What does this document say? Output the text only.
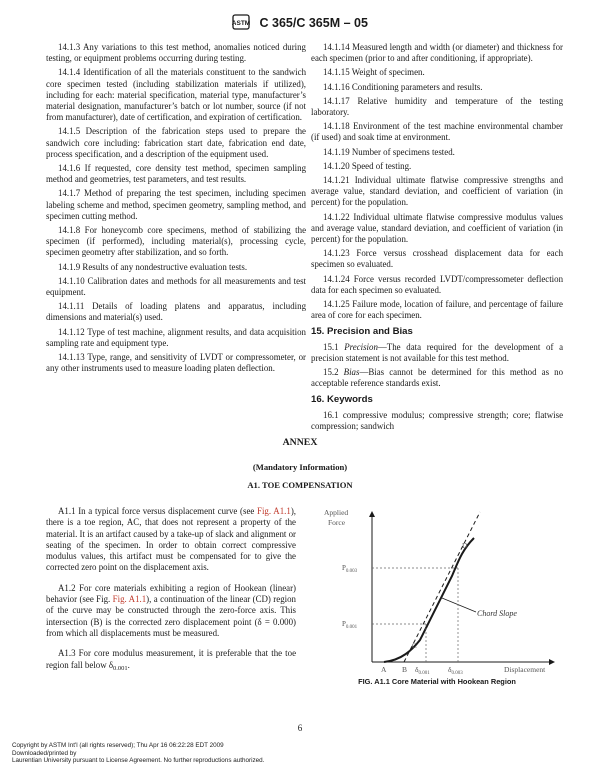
ASTM C 365/C 365M – 05

14.1.3 Any variations to this test method, anomalies noticed during testing, or equipment problems occurring during testing.

14.1.4 Identification of all the materials constituent to the sandwich core specimen tested (including stabilization materials if utilized), including for each: material specification, material type, manufacturer’s material designation, manufacturer’s batch or lot number, source (if not from manufacturer), date of certification, and expiration of certification.

14.1.5 Description of the fabrication steps used to prepare the sandwich core including: fabrication start date, fabrication end date, process specification, and a description of the equipment used.

14.1.6 If requested, core density test method, specimen sampling method and geometries, test parameters, and test results.

14.1.7 Method of preparing the test specimen, including specimen labeling scheme and method, specimen geometry, sampling method, and specimen cutting method.

14.1.8 For honeycomb core specimens, method of stabilizing the specimen (if performed), including material(s), processing cycle, specimen geometry after stabilization, and so forth.

14.1.9 Results of any nondestructive evaluation tests.

14.1.10 Calibration dates and methods for all measurements and test equipment.

14.1.11 Details of loading platens and apparatus, including dimensions and material(s) used.

14.1.12 Type of test machine, alignment results, and data acquisition sampling rate and equipment type.

14.1.13 Type, range, and sensitivity of LVDT or compressometer, or any other instruments used to measure loading platen deflection.

14.1.14 Measured length and width (or diameter) and thickness for each specimen (prior to and after conditioning, if appropriate).

14.1.15 Weight of specimen.

14.1.16 Conditioning parameters and results.

14.1.17 Relative humidity and temperature of the testing laboratory.

14.1.18 Environment of the test machine environmental chamber (if used) and soak time at environment.

14.1.19 Number of specimens tested.

14.1.20 Speed of testing.

14.1.21 Individual ultimate flatwise compressive strengths and average value, standard deviation, and coefficient of variation (in percent) for the population.

14.1.22 Individual ultimate flatwise compressive modulus values and average value, standard deviation, and coefficient of variation (in percent) for the population.

14.1.23 Force versus crosshead displacement data for each specimen so evaluated.

14.1.24 Force versus recorded LVDT/compressometer deflection data for each specimen so evaluated.

14.1.25 Failure mode, location of failure, and percentage of failure area of core for each specimen.

15. Precision and Bias

15.1 Precision—The data required for the development of a precision statement is not available for this test method.

15.2 Bias—Bias cannot be determined for this method as no acceptable reference standards exist.

16. Keywords

16.1 compressive modulus; compressive strength; core; flatwise compression; sandwich

ANNEX
(Mandatory Information)
A1. TOE COMPENSATION

A1.1 In a typical force versus displacement curve (see Fig. A1.1), there is a toe region, AC, that does not represent a property of the material. It is an artifact caused by a take-up of slack and alignment or seating of the specimen. In order to obtain correct compressive modulus values, this artifact must be compensated for to give the corrected zero point on the displacement axis.

A1.2 For core materials exhibiting a region of Hookean (linear) behavior (see Fig. Fig. A1.1), a continuation of the linear (CD) region of the curve may be constructed through the zero-force axis. This intersection (B) is the corrected zero displacement point (δ = 0.000) from which all displacements must be measured.

A1.3 For core modulus measurement, it is preferable that the toe region fall below $\delta_{0.001}$.

Applied
Force
$P_{0.003}$
$P_{0.001}$
Chord Slope
A B
C
D
$\delta_{0.001}$ $\delta_{0.003}$	Displacement
FIG. A1.1 Core Material with Hookean Region
6
Copyright by ASTM Int'l (all rights reserved); Thu Apr 16 06:22:28 EDT 2009
Downloaded/printed by
Laurentian University pursuant to License Agreement. No further reproductions authorized.
